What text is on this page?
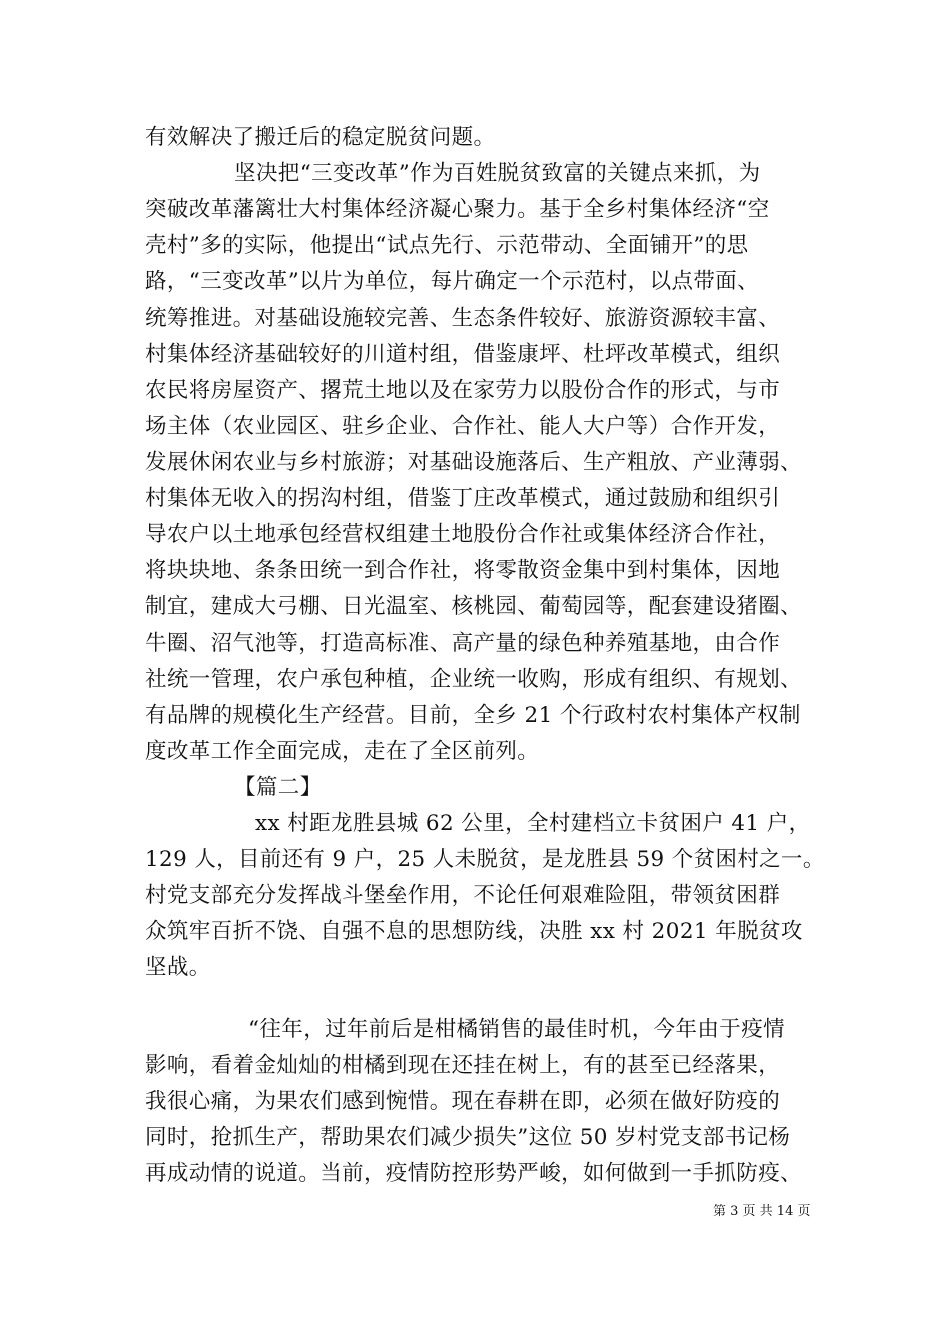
有效解决了搬迁后的稳定脱贫问题。
坚决把“三变改革”作为百姓脱贫致富的关键点来抓，为
突破改革藩篱壮大村集体经济凝心聚力。基于全乡村集体经济“空
壳村”多的实际，他提出“试点先行、示范带动、全面铺开”的思
路，“三变改革”以片为单位，每片确定一个示范村，以点带面、
统筹推进。对基础设施较完善、生态条件较好、旅游资源较丰富、
村集体经济基础较好的川道村组，借鉴康坪、杜坪改革模式，组织
农民将房屋资产、撂荒土地以及在家劳力以股份合作的形式，与市
场主体（农业园区、驻乡企业、合作社、能人大户等）合作开发，
发展休闲农业与乡村旅游；对基础设施落后、生产粗放、产业薄弱、
村集体无收入的拐沟村组，借鉴丁庄改革模式，通过鼓励和组织引
导农户以土地承包经营权组建土地股份合作社或集体经济合作社，
将块块地、条条田统一到合作社，将零散资金集中到村集体，因地
制宜，建成大弓棚、日光温室、核桃园、葡萄园等，配套建设猪圈、
牛圈、沼气池等，打造高标准、高产量的绿色种养殖基地，由合作
社统一管理，农户承包种植，企业统一收购，形成有组织、有规划、
有品牌的规模化生产经营。目前，全乡 21 个行政村农村集体产权制
度改革工作全面完成，走在了全区前列。
【篇二】
xx 村距龙胜县城 62 公里，全村建档立卡贫困户 41 户，
129 人，目前还有 9 户，25 人未脱贫，是龙胜县 59 个贫困村之一。
村党支部充分发挥战斗堡垒作用，不论任何艰难险阻，带领贫困群
众筑牢百折不饶、自强不息的思想防线，决胜 xx 村 2021 年脱贫攻
坚战。
“往年，过年前后是柑橘销售的最佳时机，今年由于疫情
影响，看着金灿灿的柑橘到现在还挂在树上，有的甚至已经落果，
我很心痛，为果农们感到惋惜。现在春耕在即，必须在做好防疫的
同时，抢抓生产，帮助果农们减少损失”这位 50 岁村党支部书记杨
再成动情的说道。当前，疫情防控形势严峻，如何做到一手抓防疫、
第 3 页 共 14 页
